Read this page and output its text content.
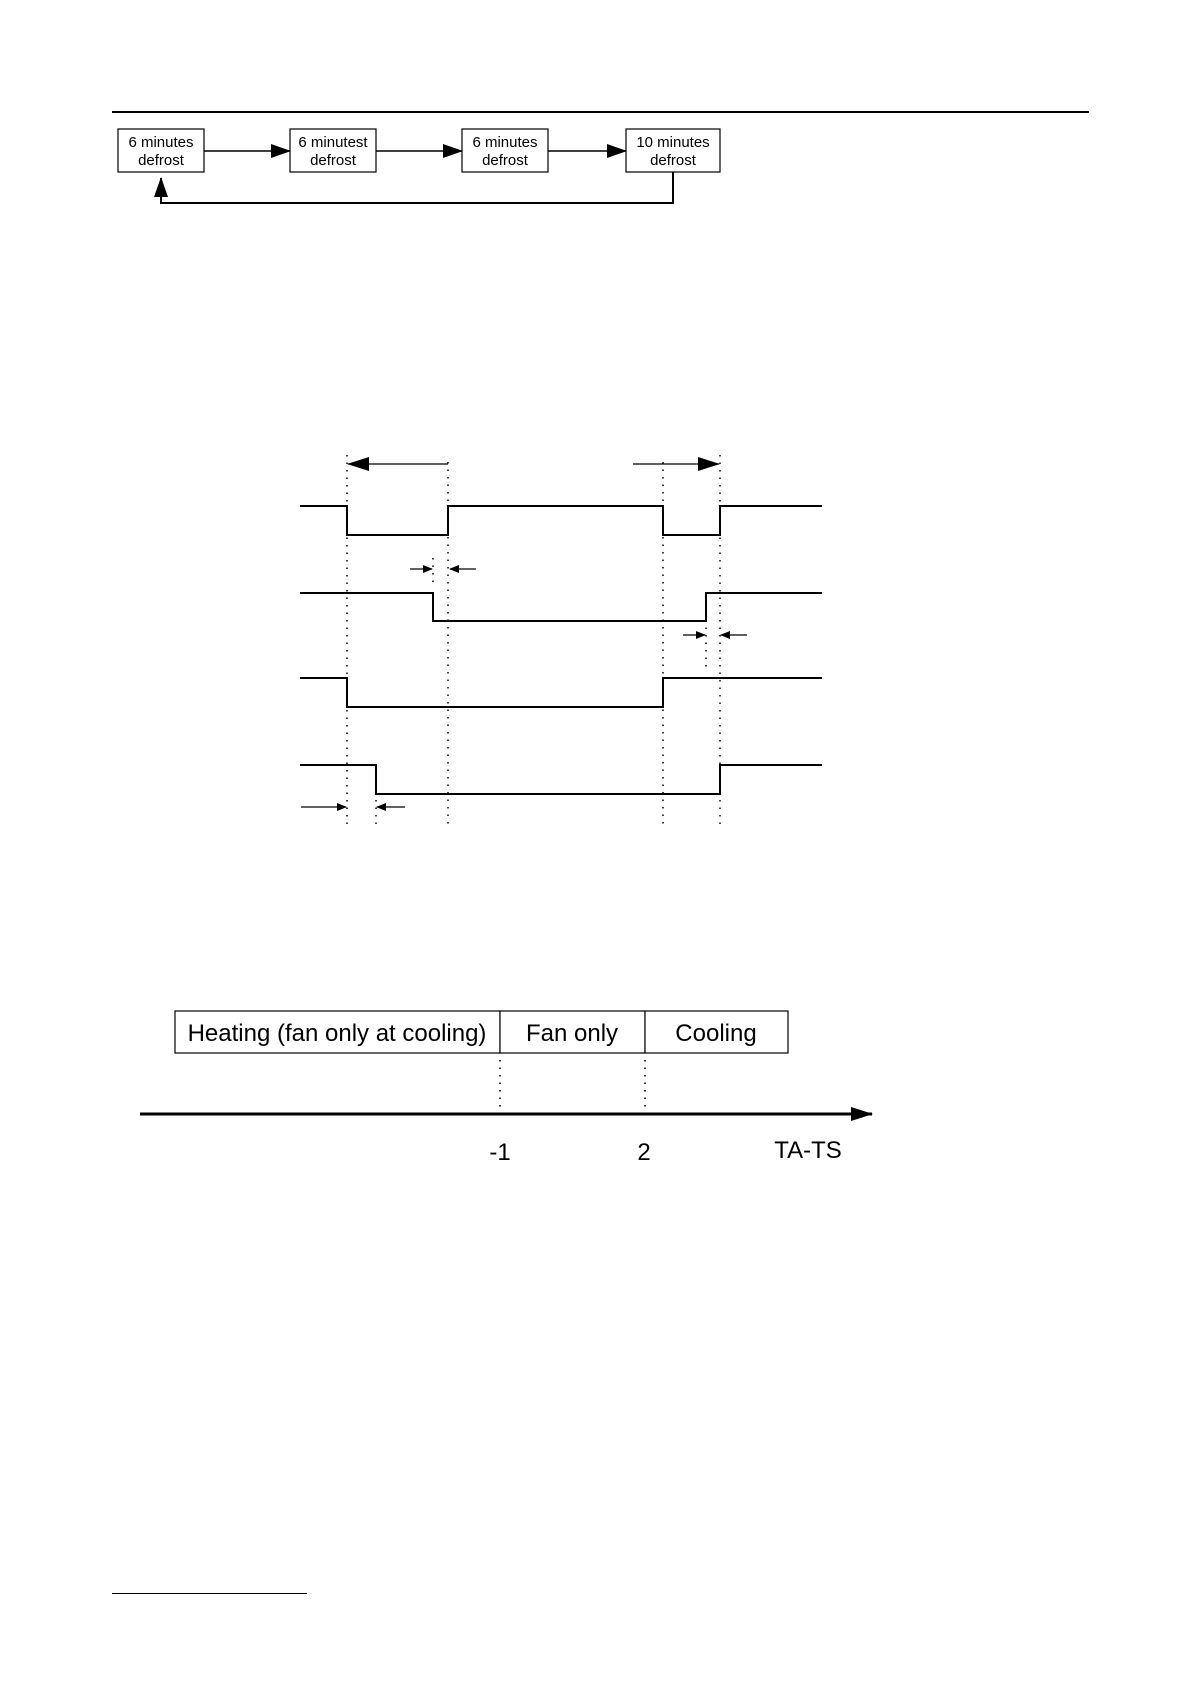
6 minutes
defrost
6 minutest
defrost
6 minutes
defrost
10 minutes
defrost
Heating (fan only at cooling) Fan only Cooling
-1	2	TA-TS
